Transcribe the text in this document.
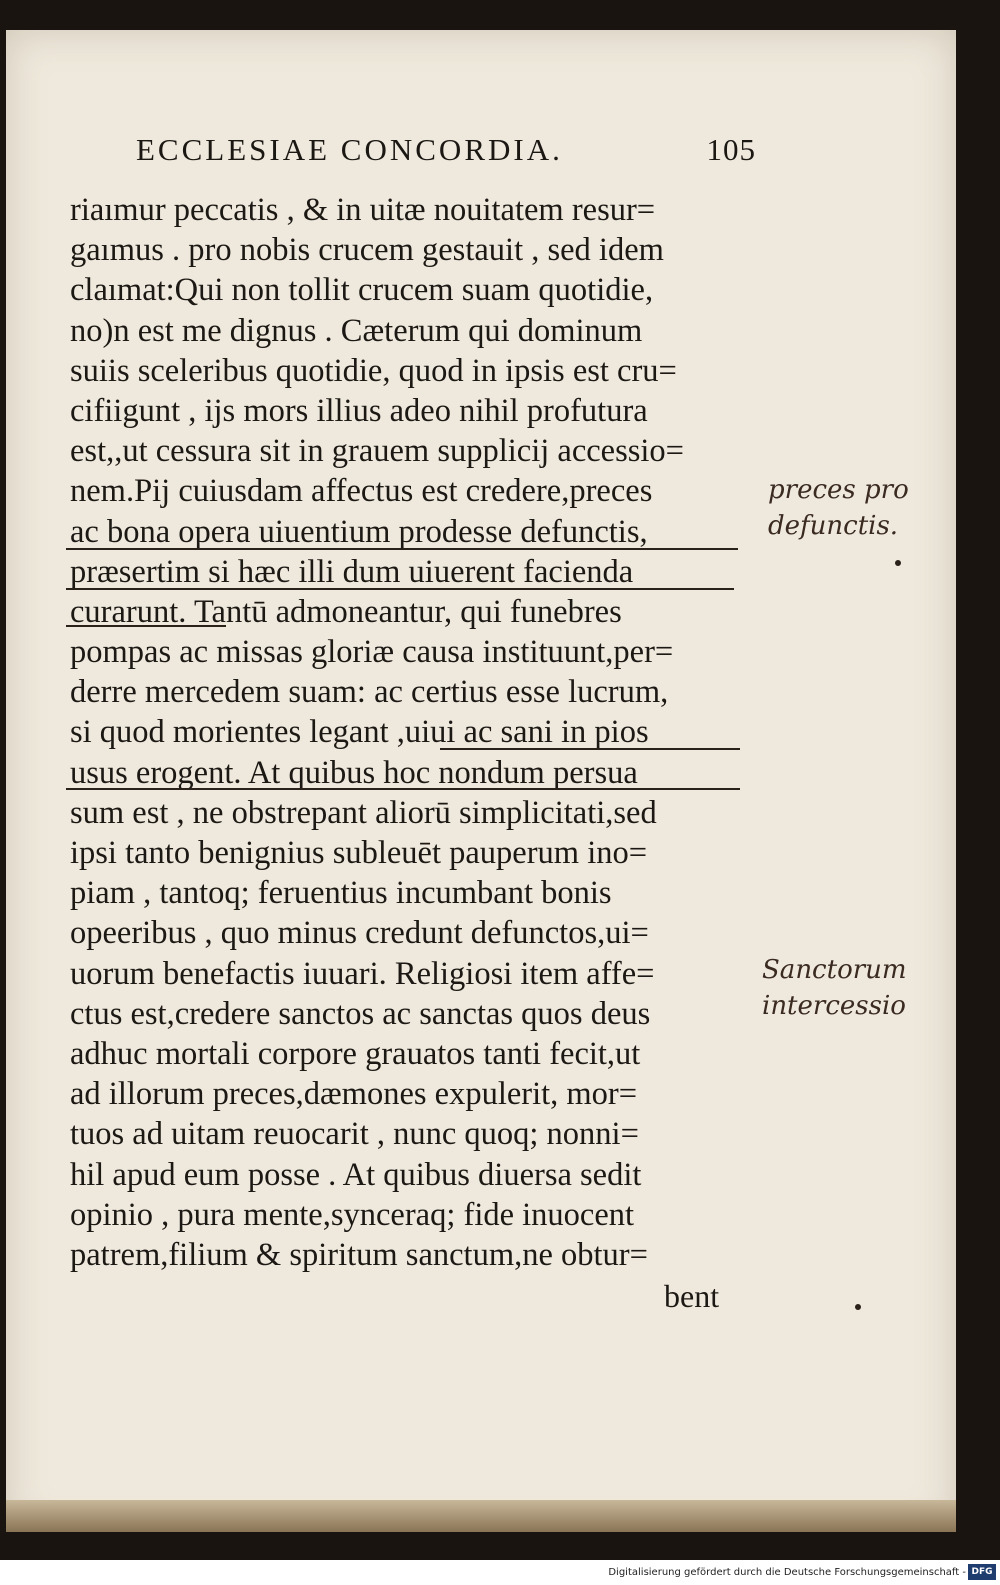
ECCLESIAE CONCORDIA.	105
riaımur peccatis , & in uitæ nouitatem resur=
gaımus . pro nobis crucem gestauit , sed idem
claımat:Qui non tollit crucem suam quotidie,
no)n est me dignus . Cæterum qui dominum
suiis sceleribus quotidie, quod in ipsis est cru=
cifiigunt , ijs mors illius adeo nihil profutura
est,,ut cessura sit in grauem supplicij accessio=
nem.Pij cuiusdam affectus est credere,preces
ac bona opera uiuentium prodesse defunctis,
præsertim si hæc illi dum uiuerent facienda
curarunt. Tantū admoneantur, qui funebres
pompas ac missas gloriæ causa instituunt,per=
derre mercedem suam: ac certius esse lucrum,
si quod morientes legant ,uiui ac sani in pios
usus erogent. At quibus hoc nondum persua
sum est , ne obstrepant aliorū simplicitati,sed
ipsi tanto benignius subleuēt pauperum ino=
piam , tantoq; feruentius incumbant bonis
opeeribus , quo minus credunt defunctos,ui=
uorum benefactis iuuari. Religiosi item affe=
ctus est,credere sanctos ac sanctas quos deus
adhuc mortali corpore grauatos tanti fecit,ut
ad illorum preces,dæmones expulerit, mor=
tuos ad uitam reuocarit , nunc quoq; nonni=
hil apud eum posse . At quibus diuersa sedit
opinio , pura mente,synceraq; fide inuocent
patrem,filium & spiritum sanctum,ne obtur=
bent
preces pro defunctis.
Sanctorum intercessio
Digitalisierung gefördert durch die Deutsche Forschungsgemeinschaft - DFG
